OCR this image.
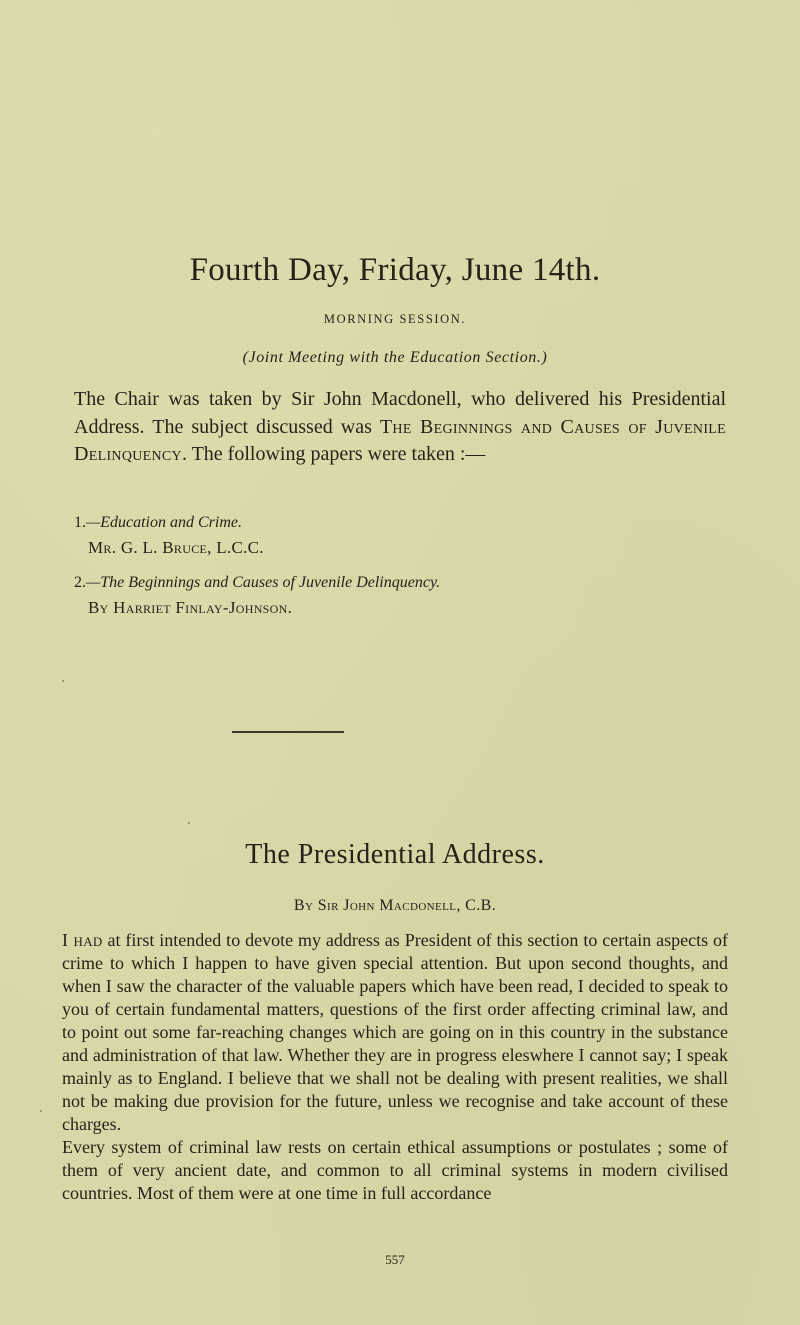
Fourth Day, Friday, June 14th.
MORNING SESSION.
(Joint Meeting with the Education Section.)

The Chair was taken by Sir John Macdonell, who delivered his Presidential Address. The subject discussed was The Beginnings and Causes of Juvenile Delinquency. The following papers were taken :—

1.—Education and Crime.

Mr. G. L. Bruce, L.C.C.

2.—The Beginnings and Causes of Juvenile Delinquency.

By Harriet Finlay-Johnson.

The Presidential Address.
By Sir John Macdonell, C.B.

I had at first intended to devote my address as President of this section to certain aspects of crime to which I happen to have given special attention. But upon second thoughts, and when I saw the character of the valuable papers which have been read, I decided to speak to you of certain fundamental matters, questions of the first order affecting criminal law, and to point out some far-reaching changes which are going on in this country in the substance and administration of that law. Whether they are in progress eleswhere I cannot say; I speak mainly as to England. I believe that we shall not be dealing with present realities, we shall not be making due provision for the future, unless we recognise and take account of these charges.

Every system of criminal law rests on certain ethical assumptions or postulates ; some of them of very ancient date, and common to all criminal systems in modern civilised countries. Most of them were at one time in full accordance

557
